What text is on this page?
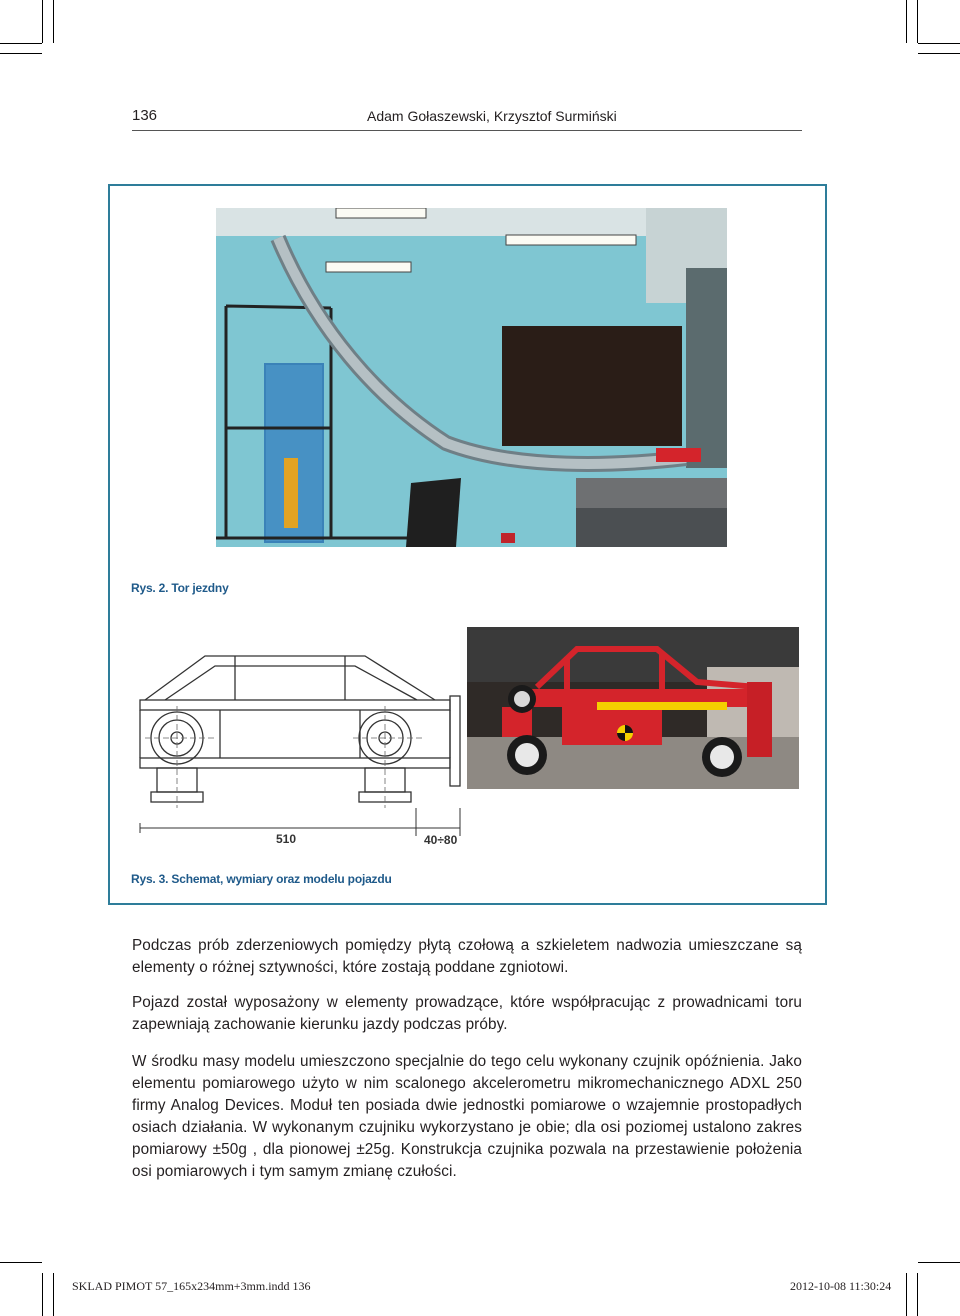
136	Adam Gołaszewski, Krzysztof Surmiński
Rys. 2. Tor jezdny
510	40÷80
Rys. 3. Schemat, wymiary oraz modelu pojazdu

Podczas prób zderzeniowych pomiędzy płytą czołową a szkieletem nadwozia umieszczane są elementy o różnej sztywności, które zostają poddane zgniotowi.

Pojazd został wyposażony w elementy prowadzące, które współpracując z prowadnicami toru zapewniają zachowanie kierunku jazdy podczas próby.

W środku masy modelu umieszczono specjalnie do tego celu wykonany czujnik opóźnienia. Jako elementu pomiarowego użyto w nim scalonego akcelerometru mikromechanicznego ADXL 250 firmy Analog Devices. Moduł ten posiada dwie jednostki pomiarowe o wzajemnie prostopadłych osiach działania. W wykonanym czujniku wykorzystano je obie; dla osi poziomej ustalono zakres pomiarowy ±50g , dla pionowej ±25g. Konstrukcja czujnika pozwala na przestawienie położenia osi pomiarowych i tym samym zmianę czułości.

SKLAD PIMOT 57_165x234mm+3mm.indd 136	2012-10-08 11:30:24
